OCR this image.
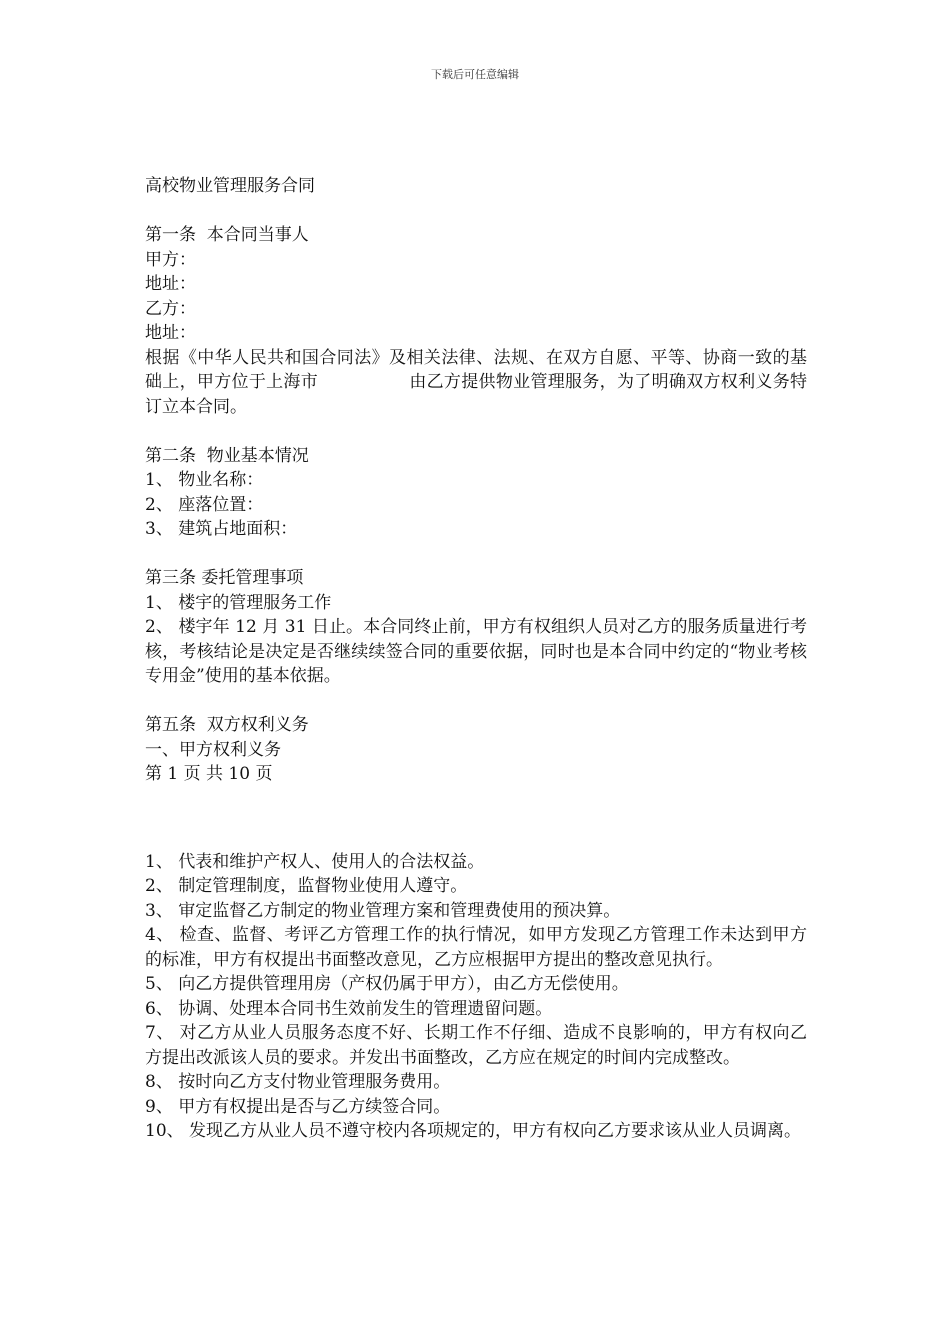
下载后可任意编辑

高校物业管理服务合同

第一条  本合同当事人

甲方：

地址：

乙方：

地址：

根据《中华人民共和国合同法》及相关法律、法规、在双方自愿、平等、协商一致的基础上，甲方位于上海市                由乙方提供物业管理服务，为了明确双方权利义务特订立本合同。

第二条  物业基本情况

1、 物业名称：

2、 座落位置：

3、 建筑占地面积：

第三条 委托管理事项

1、 楼宇的管理服务工作

2、 楼宇年 12 月 31 日止。本合同终止前，甲方有权组织人员对乙方的服务质量进行考核，考核结论是决定是否继续续签合同的重要依据，同时也是本合同中约定的“物业考核专用金”使用的基本依据。

第五条  双方权利义务

一、甲方权利义务

第 1 页 共 10 页

1、 代表和维护产权人、使用人的合法权益。

2、 制定管理制度，监督物业使用人遵守。

3、 审定监督乙方制定的物业管理方案和管理费使用的预决算。

4、 检查、监督、考评乙方管理工作的执行情况，如甲方发现乙方管理工作未达到甲方的标准，甲方有权提出书面整改意见，乙方应根据甲方提出的整改意见执行。

5、 向乙方提供管理用房（产权仍属于甲方），由乙方无偿使用。

6、 协调、处理本合同书生效前发生的管理遗留问题。

7、 对乙方从业人员服务态度不好、长期工作不仔细、造成不良影响的，甲方有权向乙方提出改派该人员的要求。并发出书面整改，乙方应在规定的时间内完成整改。

8、 按时向乙方支付物业管理服务费用。

9、 甲方有权提出是否与乙方续签合同。

10、 发现乙方从业人员不遵守校内各项规定的，甲方有权向乙方要求该从业人员调离。
